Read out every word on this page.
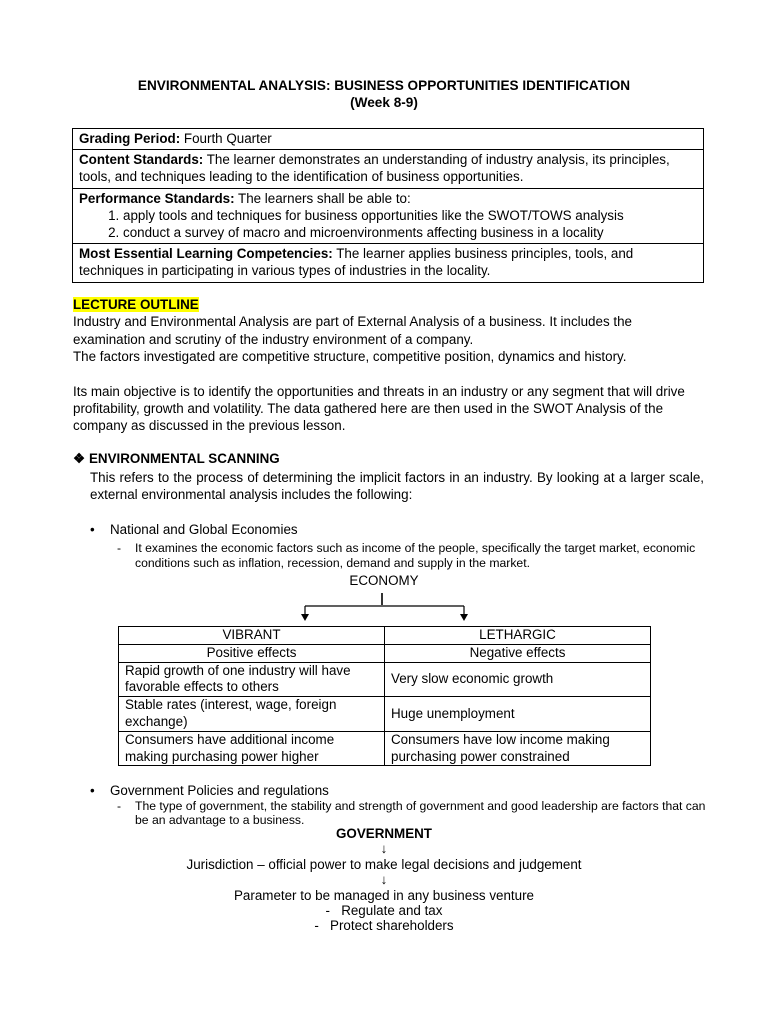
ENVIRONMENTAL ANALYSIS: BUSINESS OPPORTUNITIES IDENTIFICATION
(Week 8-9)
Grading Period: Fourth Quarter
Content Standards: The learner demonstrates an understanding of industry analysis, its principles, tools, and techniques leading to the identification of business opportunities.
Performance Standards: The learners shall be able to:
1. apply tools and techniques for business opportunities like the SWOT/TOWS analysis
2. conduct a survey of macro and microenvironments affecting business in a locality
Most Essential Learning Competencies: The learner applies business principles, tools, and techniques in participating in various types of industries in the locality.
LECTURE OUTLINE
Industry and Environmental Analysis are part of External Analysis of a business. It includes the examination and scrutiny of the industry environment of a company.
The factors investigated are competitive structure, competitive position, dynamics and history.
Its main objective is to identify the opportunities and threats in an industry or any segment that will drive profitability, growth and volatility. The data gathered here are then used in the SWOT Analysis of the company as discussed in the previous lesson.
❖ ENVIRONMENTAL SCANNING
This refers to the process of determining the implicit factors in an industry. By looking at a larger scale, external environmental analysis includes the following:
• National and Global Economies
- It examines the economic factors such as income of the people, specifically the target market, economic conditions such as inflation, recession, demand and supply in the market.
ECONOMY
VIBRANT	LETHARGIC
Positive effects	Negative effects
Rapid growth of one industry will have favorable effects to others	Very slow economic growth
Stable rates (interest, wage, foreign exchange)	Huge unemployment
Consumers have additional income making purchasing power higher	Consumers have low income making purchasing power constrained
• Government Policies and regulations
- The type of government, the stability and strength of government and good leadership are factors that can be an advantage to a business.
GOVERNMENT
↓
Jurisdiction – official power to make legal decisions and judgement
↓
Parameter to be managed in any business venture
- Regulate and tax
- Protect shareholders
